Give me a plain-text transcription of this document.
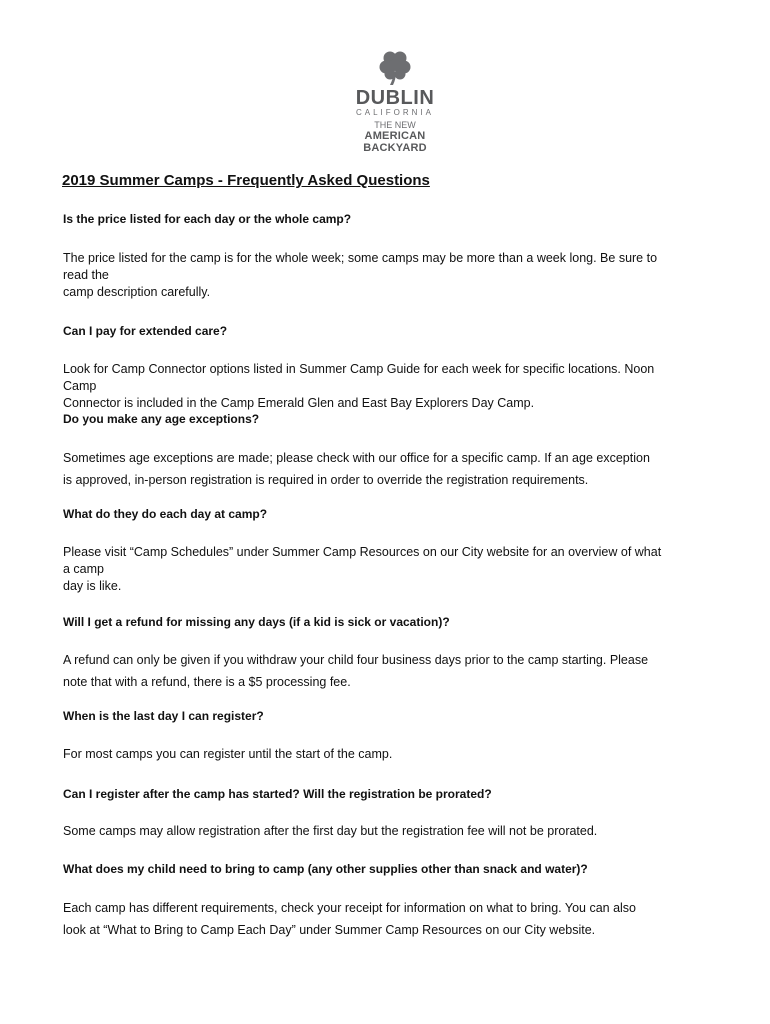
DUBLIN
CALIFORNIA
THE NEW
AMERICAN
BACKYARD
2019 Summer Camps - Frequently Asked Questions

Is the price listed for each day or the whole camp?

The price listed for the camp is for the whole week; some camps may be more than a week long. Be sure to
read the
camp description carefully.

Can I pay for extended care?

Look for Camp Connector options listed in Summer Camp Guide for each week for specific locations. Noon
Camp
Connector is included in the Camp Emerald Glen and East Bay Explorers Day Camp.

Do you make any age exceptions?

Sometimes age exceptions are made; please check with our office for a specific camp. If an age exception
is approved, in-person registration is required in order to override the registration requirements.

What do they do each day at camp?

Please visit “Camp Schedules” under Summer Camp Resources on our City website for an overview of what
a camp
day is like.

Will I get a refund for missing any days (if a kid is sick or vacation)?

A refund can only be given if you withdraw your child four business days prior to the camp starting. Please
note that with a refund, there is a $5 processing fee.

When is the last day I can register?

For most camps you can register until the start of the camp.

Can I register after the camp has started? Will the registration be prorated?

Some camps may allow registration after the first day but the registration fee will not be prorated.

What does my child need to bring to camp (any other supplies other than snack and water)?

Each camp has different requirements, check your receipt for information on what to bring. You can also
look at “What to Bring to Camp Each Day” under Summer Camp Resources on our City website.
